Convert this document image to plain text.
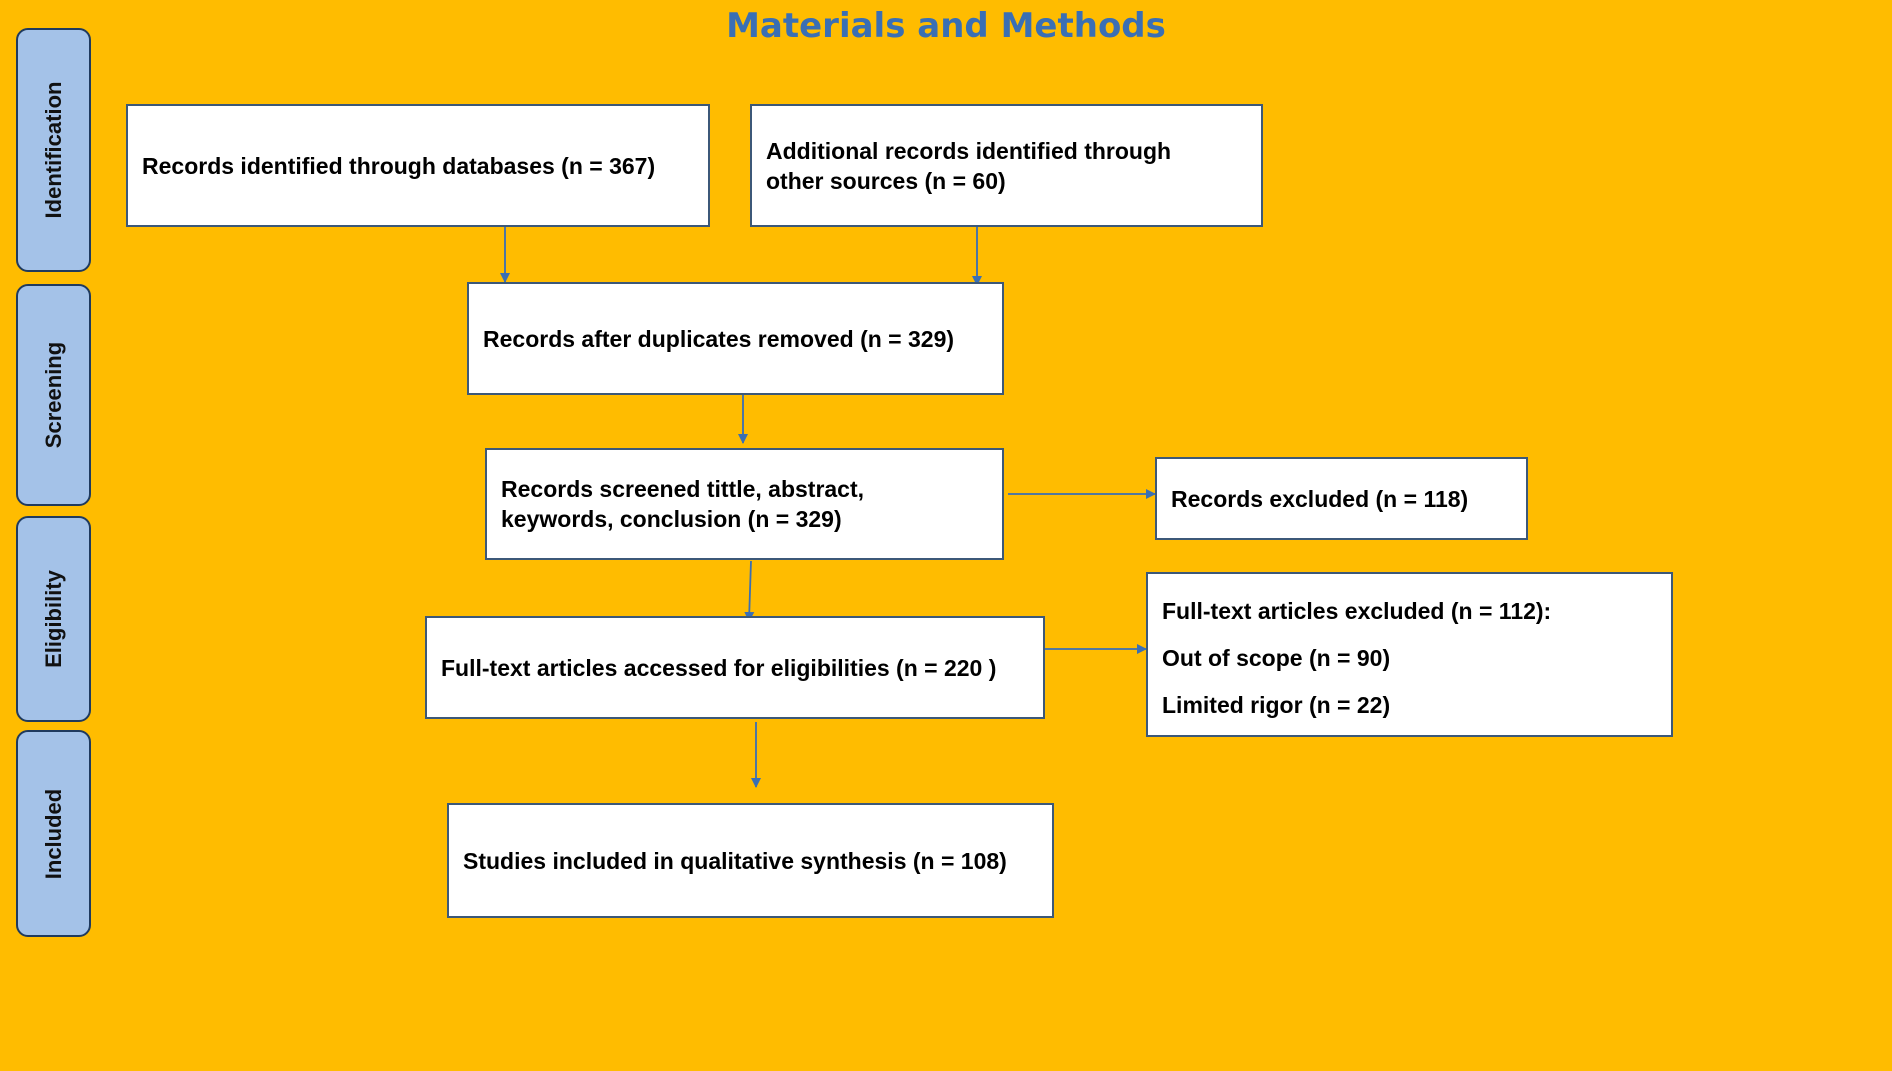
Materials and Methods
Identification
Screening
Eligibility
Included
Records identified through databases (n = 367)
Additional records identified through
other sources (n = 60)
Records after duplicates removed (n = 329)
Records screened tittle, abstract,
keywords, conclusion (n = 329)
Records excluded (n = 118)
Full-text articles accessed for eligibilities (n = 220 )
Full-text articles excluded (n = 112):
Out of scope (n = 90)
Limited rigor (n = 22)
Studies included in qualitative synthesis (n = 108)
